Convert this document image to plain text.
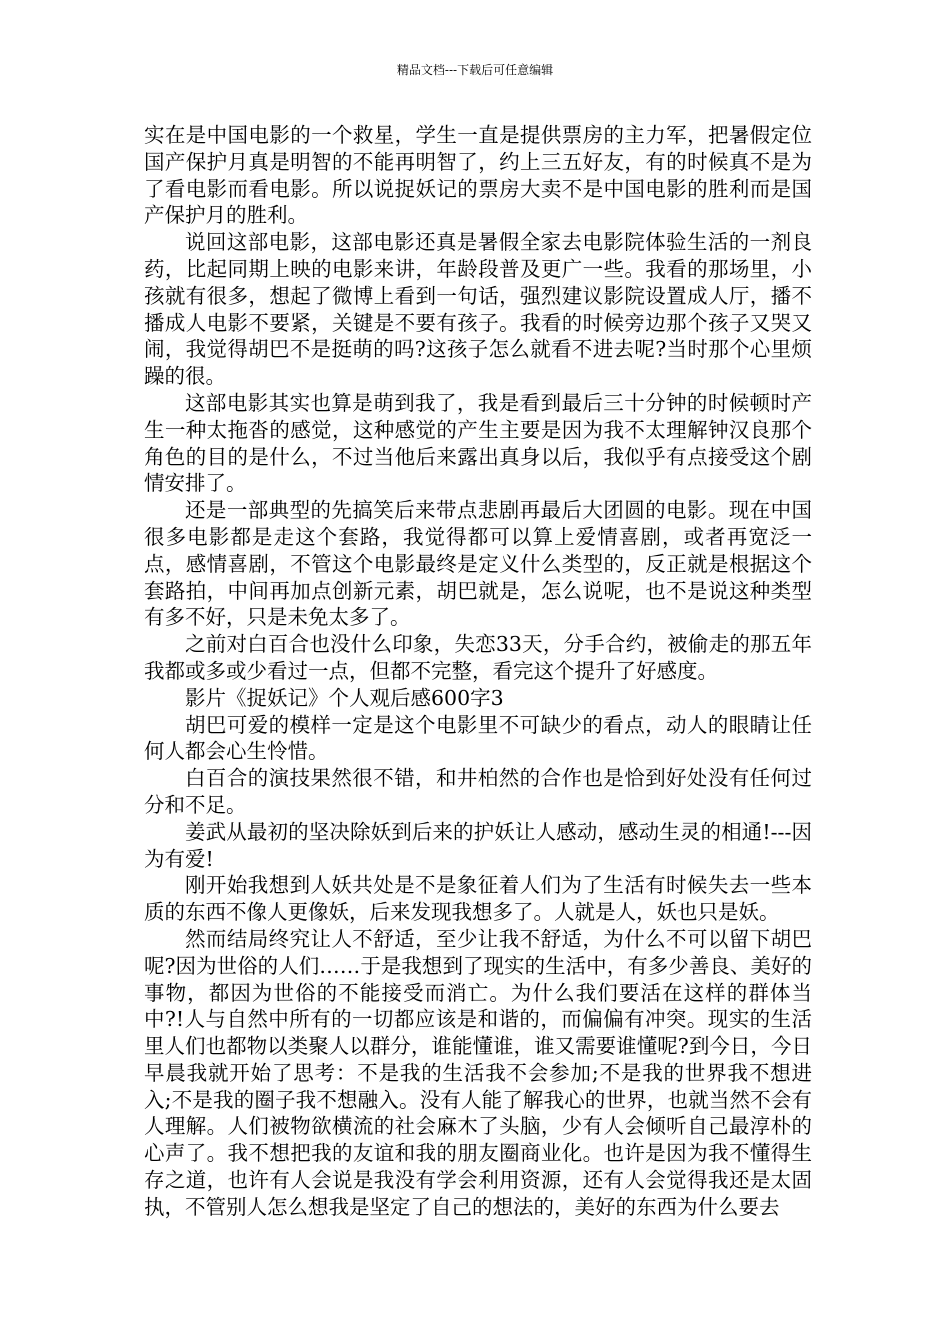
精品文档---下载后可任意编辑

实在是中国电影的一个救星，学生一直是提供票房的主力军，把暑假定位国产保护月真是明智的不能再明智了，约上三五好友，有的时候真不是为了看电影而看电影。所以说捉妖记的票房大卖不是中国电影的胜利而是国产保护月的胜利。

说回这部电影，这部电影还真是暑假全家去电影院体验生活的一剂良药，比起同期上映的电影来讲，年龄段普及更广一些。我看的那场里，小孩就有很多，想起了微博上看到一句话，强烈建议影院设置成人厅，播不播成人电影不要紧，关键是不要有孩子。我看的时候旁边那个孩子又哭又闹，我觉得胡巴不是挺萌的吗?这孩子怎么就看不进去呢?当时那个心里烦躁的很。

这部电影其实也算是萌到我了，我是看到最后三十分钟的时候顿时产生一种太拖沓的感觉，这种感觉的产生主要是因为我不太理解钟汉良那个角色的目的是什么，不过当他后来露出真身以后，我似乎有点接受这个剧情安排了。

还是一部典型的先搞笑后来带点悲剧再最后大团圆的电影。现在中国很多电影都是走这个套路，我觉得都可以算上爱情喜剧，或者再宽泛一点，感情喜剧，不管这个电影最终是定义什么类型的，反正就是根据这个套路拍，中间再加点创新元素，胡巴就是，怎么说呢，也不是说这种类型有多不好，只是未免太多了。

之前对白百合也没什么印象，失恋33天，分手合约，被偷走的那五年我都或多或少看过一点，但都不完整，看完这个提升了好感度。

影片《捉妖记》个人观后感600字3

胡巴可爱的模样一定是这个电影里不可缺少的看点，动人的眼睛让任何人都会心生怜惜。

白百合的演技果然很不错，和井柏然的合作也是恰到好处没有任何过分和不足。

姜武从最初的坚决除妖到后来的护妖让人感动，感动生灵的相通!---因为有爱!

刚开始我想到人妖共处是不是象征着人们为了生活有时候失去一些本质的东西不像人更像妖，后来发现我想多了。人就是人，妖也只是妖。

然而结局终究让人不舒适，至少让我不舒适，为什么不可以留下胡巴呢?因为世俗的人们……于是我想到了现实的生活中，有多少善良、美好的事物，都因为世俗的不能接受而消亡。为什么我们要活在这样的群体当中?!人与自然中所有的一切都应该是和谐的，而偏偏有冲突。现实的生活里人们也都物以类聚人以群分，谁能懂谁，谁又需要谁懂呢?到今日，今日早晨我就开始了思考：不是我的生活我不会参加;不是我的世界我不想进入;不是我的圈子我不想融入。没有人能了解我心的世界，也就当然不会有人理解。人们被物欲横流的社会麻木了头脑，少有人会倾听自己最淳朴的心声了。我不想把我的友谊和我的朋友圈商业化。也许是因为我不懂得生存之道，也许有人会说是我没有学会利用资源，还有人会觉得我还是太固执，不管别人怎么想我是坚定了自己的想法的，美好的东西为什么要去
